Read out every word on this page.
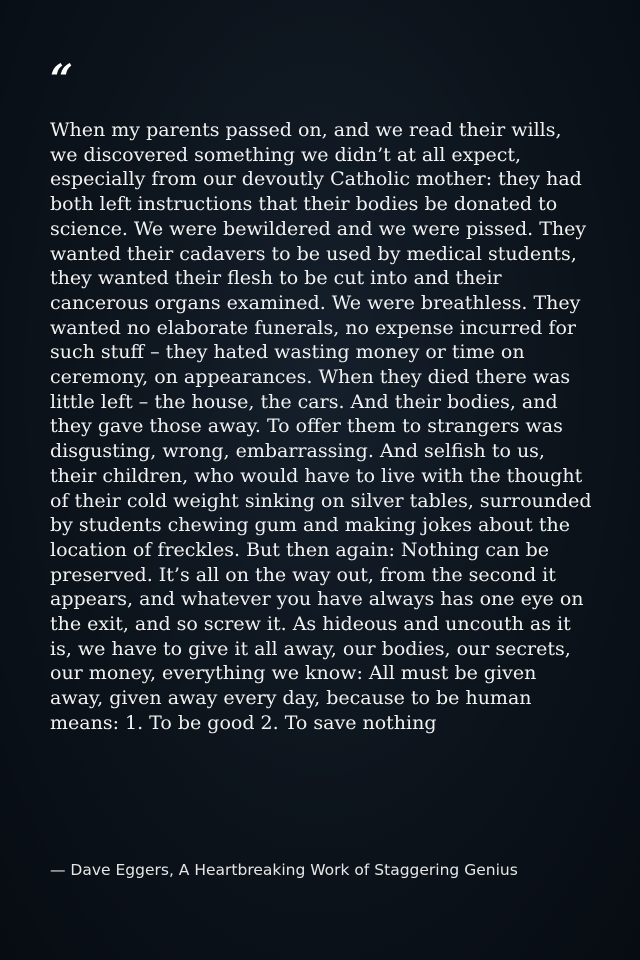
“

When my parents passed on, and we read their wills, we discovered something we didn’t at all expect, especially from our devoutly Catholic mother: they had both left instructions that their bodies be donated to science. We were bewildered and we were pissed. They wanted their cadavers to be used by medical students, they wanted their flesh to be cut into and their cancerous organs examined. We were breathless. They wanted no elaborate funerals, no expense incurred for such stuff – they hated wasting money or time on ceremony, on appearances. When they died there was little left – the house, the cars. And their bodies, and they gave those away. To offer them to strangers was disgusting, wrong, embarrassing. And selfish to us, their children, who would have to live with the thought of their cold weight sinking on silver tables, surrounded by students chewing gum and making jokes about the location of freckles. But then again: Nothing can be preserved. It’s all on the way out, from the second it appears, and whatever you have always has one eye on the exit, and so screw it. As hideous and uncouth as it is, we have to give it all away, our bodies, our secrets, our money, everything we know: All must be given away, given away every day, because to be human means: 1. To be good 2. To save nothing

— Dave Eggers, A Heartbreaking Work of Staggering Genius
